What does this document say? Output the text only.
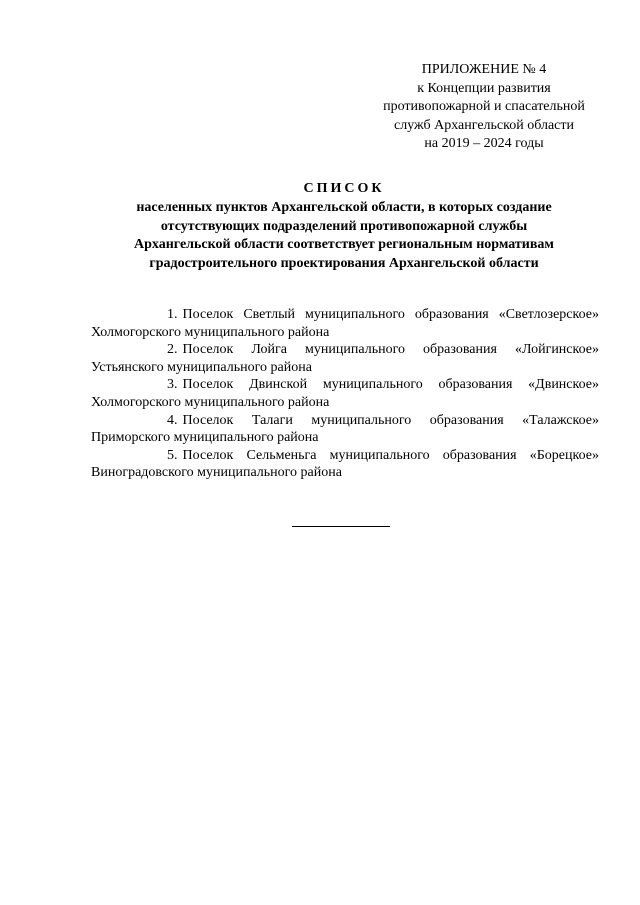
ПРИЛОЖЕНИЕ № 4
к Концепции развития
противопожарной и спасательной
служб Архангельской области
на 2019 – 2024 годы
СПИСОК
населенных пунктов Архангельской области, в которых создание
отсутствующих подразделений противопожарной службы
Архангельской области соответствует региональным нормативам
градостроительного проектирования Архангельской области
1. Поселок Светлый муниципального образования «Светлозерское» Холмогорского муниципального района
2. Поселок Лойга муниципального образования «Лойгинское» Устьянского муниципального района
3. Поселок Двинской муниципального образования «Двинское» Холмогорского муниципального района
4. Поселок Талаги муниципального образования «Талажское» Приморского муниципального района
5. Поселок Сельменьга муниципального образования «Борецкое» Виноградовского муниципального района
